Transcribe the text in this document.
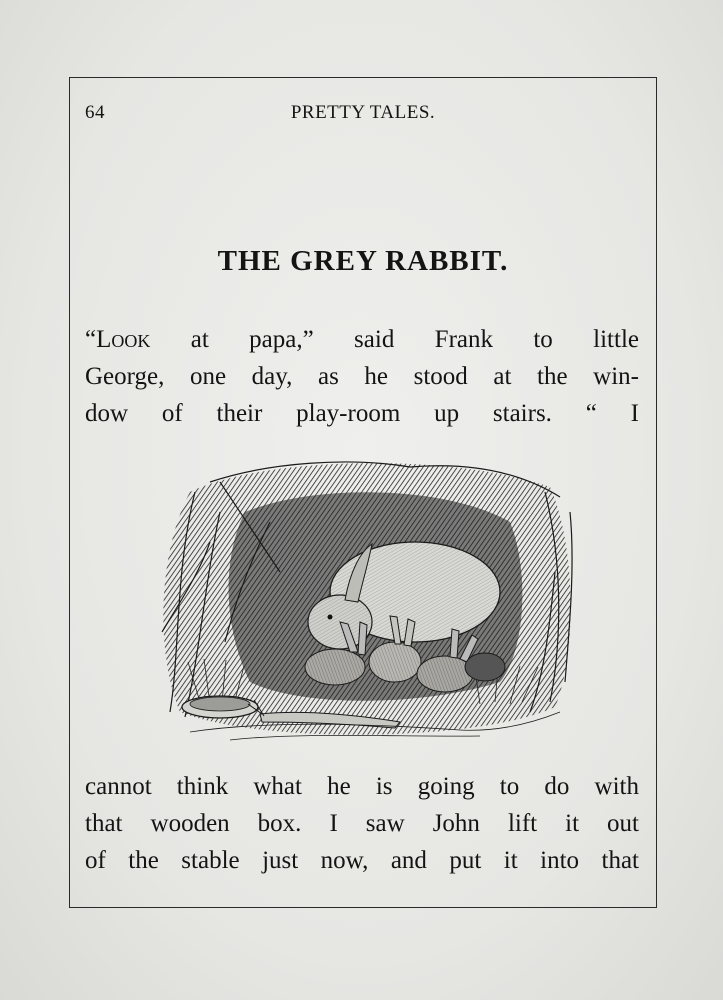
64	PRETTY TALES.
THE GREY RABBIT.
“Look at papa,” said Frank to little
George, one day, as he stood at the win-
dow of their play-room up stairs. “ I
cannot think what he is going to do with
that wooden box. I saw John lift it out
of the stable just now, and put it into that
